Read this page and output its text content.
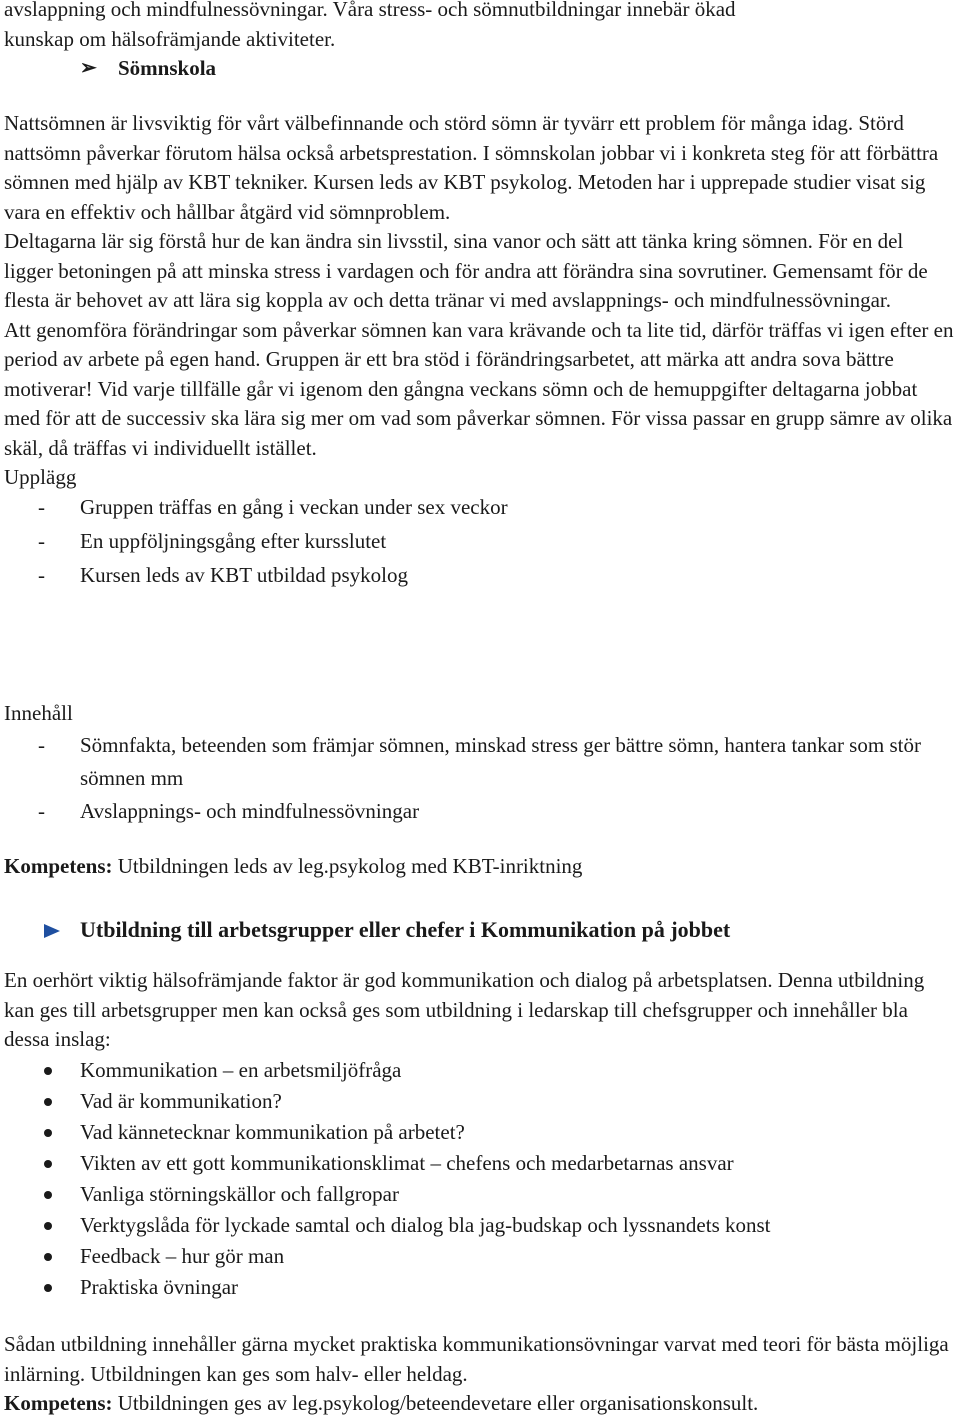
avslappning och mindfulnessövningar. Våra stress- och sömnutbildningar innebär ökad

kunskap om hälsofrämjande aktiviteter.

➢ Sömnskola

Nattsömnen är livsviktig för vårt välbefinnande och störd sömn är tyvärr ett problem för många idag. Störd nattsömn påverkar förutom hälsa också arbetsprestation. I sömnskolan jobbar vi i konkreta steg för att förbättra sömnen med hjälp av KBT tekniker. Kursen leds av KBT psykolog. Metoden har i upprepade studier visat sig vara en effektiv och hållbar åtgärd vid sömnproblem.

Deltagarna lär sig förstå hur de kan ändra sin livsstil, sina vanor och sätt att tänka kring sömnen. För en del ligger betoningen på att minska stress i vardagen och för andra att förändra sina sovrutiner. Gemensamt för de flesta är behovet av att lära sig koppla av och detta tränar vi med avslappnings- och mindfulnessövningar.

Att genomföra förändringar som påverkar sömnen kan vara krävande och ta lite tid, därför träffas vi igen efter en period av arbete på egen hand. Gruppen är ett bra stöd i förändringsarbetet, att märka att andra sova bättre motiverar! Vid varje tillfälle går vi igenom den gångna veckans sömn och de hemuppgifter deltagarna jobbat med för att de successiv ska lära sig mer om vad som påverkar sömnen. För vissa passar en grupp sämre av olika skäl, då träffas vi individuellt istället.

Upplägg
- Gruppen träffas en gång i veckan under sex veckor
- En uppföljningsgång efter kursslutet
- Kursen leds av KBT utbildad psykolog
Innehåll
- Sömnfakta, beteenden som främjar sömnen, minskad stress ger bättre sömn, hantera tankar som stör sömnen mm
- Avslappnings- och mindfulnessövningar

Kompetens: Utbildningen leds av leg.psykolog med KBT-inriktning

Utbildning till arbetsgrupper eller chefer i Kommunikation på jobbet

En oerhört viktig hälsofrämjande faktor är god kommunikation och dialog på arbetsplatsen. Denna utbildning kan ges till arbetsgrupper men kan också ges som utbildning i ledarskap till chefsgrupper och innehåller bla dessa inslag:

Kommunikation – en arbetsmiljöfråga
Vad är kommunikation?
Vad kännetecknar kommunikation på arbetet?
Vikten av ett gott kommunikationsklimat – chefens och medarbetarnas ansvar
Vanliga störningskällor och fallgropar
Verktygslåda för lyckade samtal och dialog bla jag-budskap och lyssnandets konst
Feedback – hur gör man
Praktiska övningar

Sådan utbildning innehåller gärna mycket praktiska kommunikationsövningar varvat med teori för bästa möjliga inlärning. Utbildningen kan ges som halv- eller heldag.

Kompetens: Utbildningen ges av leg.psykolog/beteendevetare eller organisationskonsult.
